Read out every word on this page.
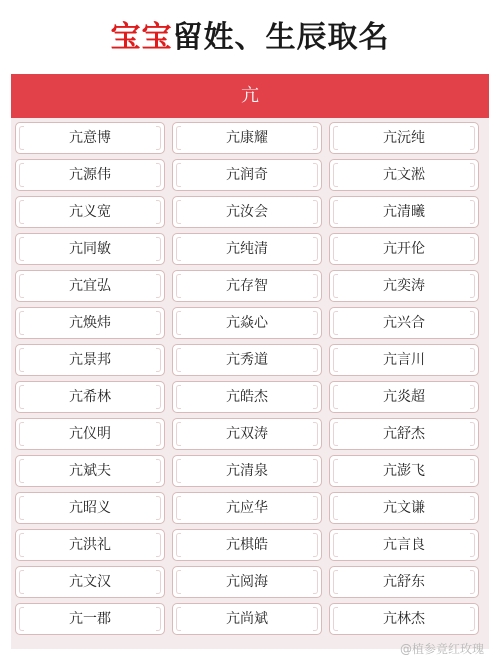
宝宝留姓、生辰取名
亢
亢意博	亢康耀	亢沅纯
亢源伟	亢润奇	亢文淞
亢义宽	亢汝会	亢清曦
亢同敏	亢纯清	亢开伦
亢宜弘	亢存智	亢奕涛
亢焕炜	亢焱心	亢兴合
亢景邦	亢秀道	亢言川
亢希林	亢皓杰	亢炎超
亢仪明	亢双涛	亢舒杰
亢斌夫	亢清泉	亢澎飞
亢昭义	亢应华	亢文谦
亢洪礼	亢棋皓	亢言良
亢文汉	亢阅海	亢舒东
亢一郡	亢尚斌	亢林杰
@植参竟红玫瑰
